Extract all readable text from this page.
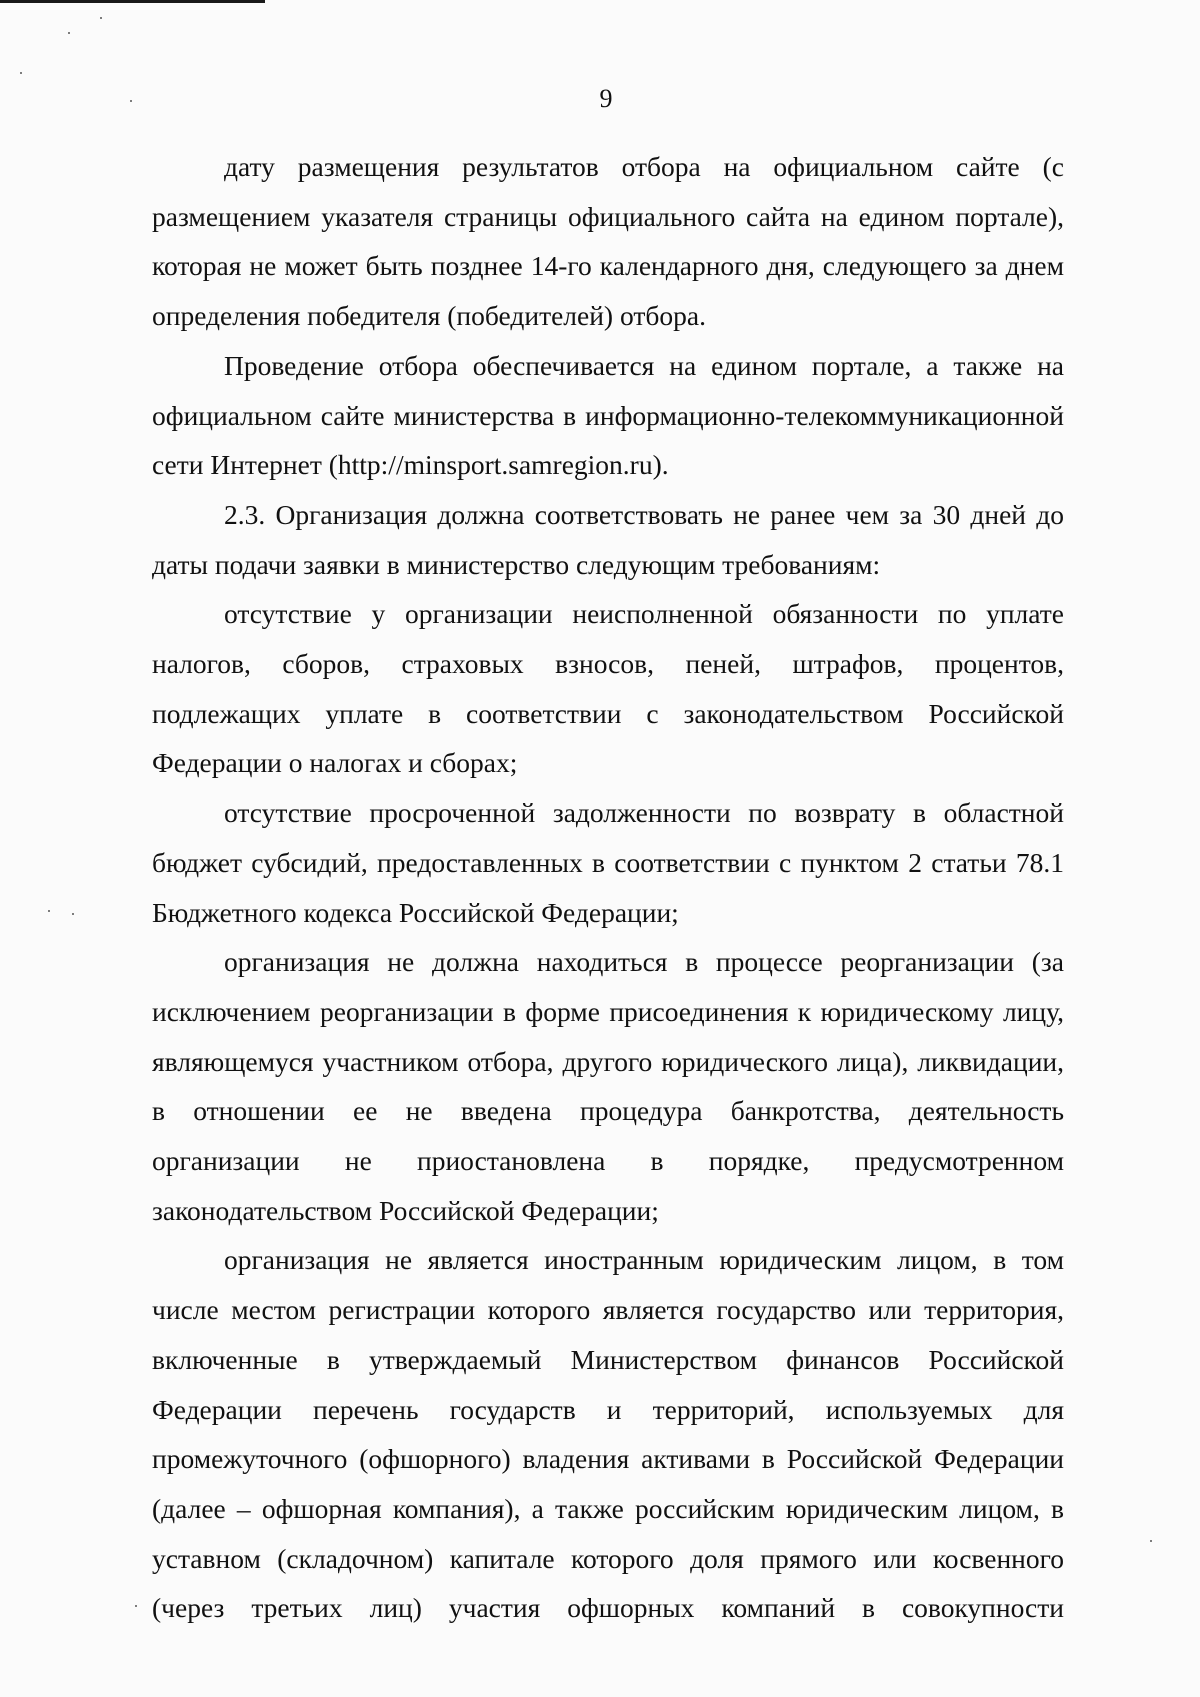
9

дату размещения результатов отбора на официальном сайте (с размещением указателя страницы официального сайта на едином портале), которая не может быть позднее 14-го календарного дня, следующего за днем определения победителя (победителей) отбора.

Проведение отбора обеспечивается на едином портале, а также на официальном сайте министерства в информационно-телекоммуникационной сети Интернет (http://minsport.samregion.ru).

2.3. Организация должна соответствовать не ранее чем за 30 дней до даты подачи заявки в министерство следующим требованиям:

отсутствие у организации неисполненной обязанности по уплате налогов, сборов, страховых взносов, пеней, штрафов, процентов, подлежащих уплате в соответствии с законодательством Российской Федерации о налогах и сборах;

отсутствие просроченной задолженности по возврату в областной бюджет субсидий, предоставленных в соответствии с пунктом 2 статьи 78.1 Бюджетного кодекса Российской Федерации;

организация не должна находиться в процессе реорганизации (за исключением реорганизации в форме присоединения к юридическому лицу, являющемуся участником отбора, другого юридического лица), ликвидации, в отношении ее не введена процедура банкротства, деятельность организации не приостановлена в порядке, предусмотренном законодательством Российской Федерации;

организация не является иностранным юридическим лицом, в том числе местом регистрации которого является государство или территория, включенные в утверждаемый Министерством финансов Российской Федерации перечень государств и территорий, используемых для промежуточного (офшорного) владения активами в Российской Федерации (далее – офшорная компания), а также российским юридическим лицом, в уставном (складочном) капитале которого доля прямого или косвенного (через третьих лиц) участия офшорных компаний в совокупности
